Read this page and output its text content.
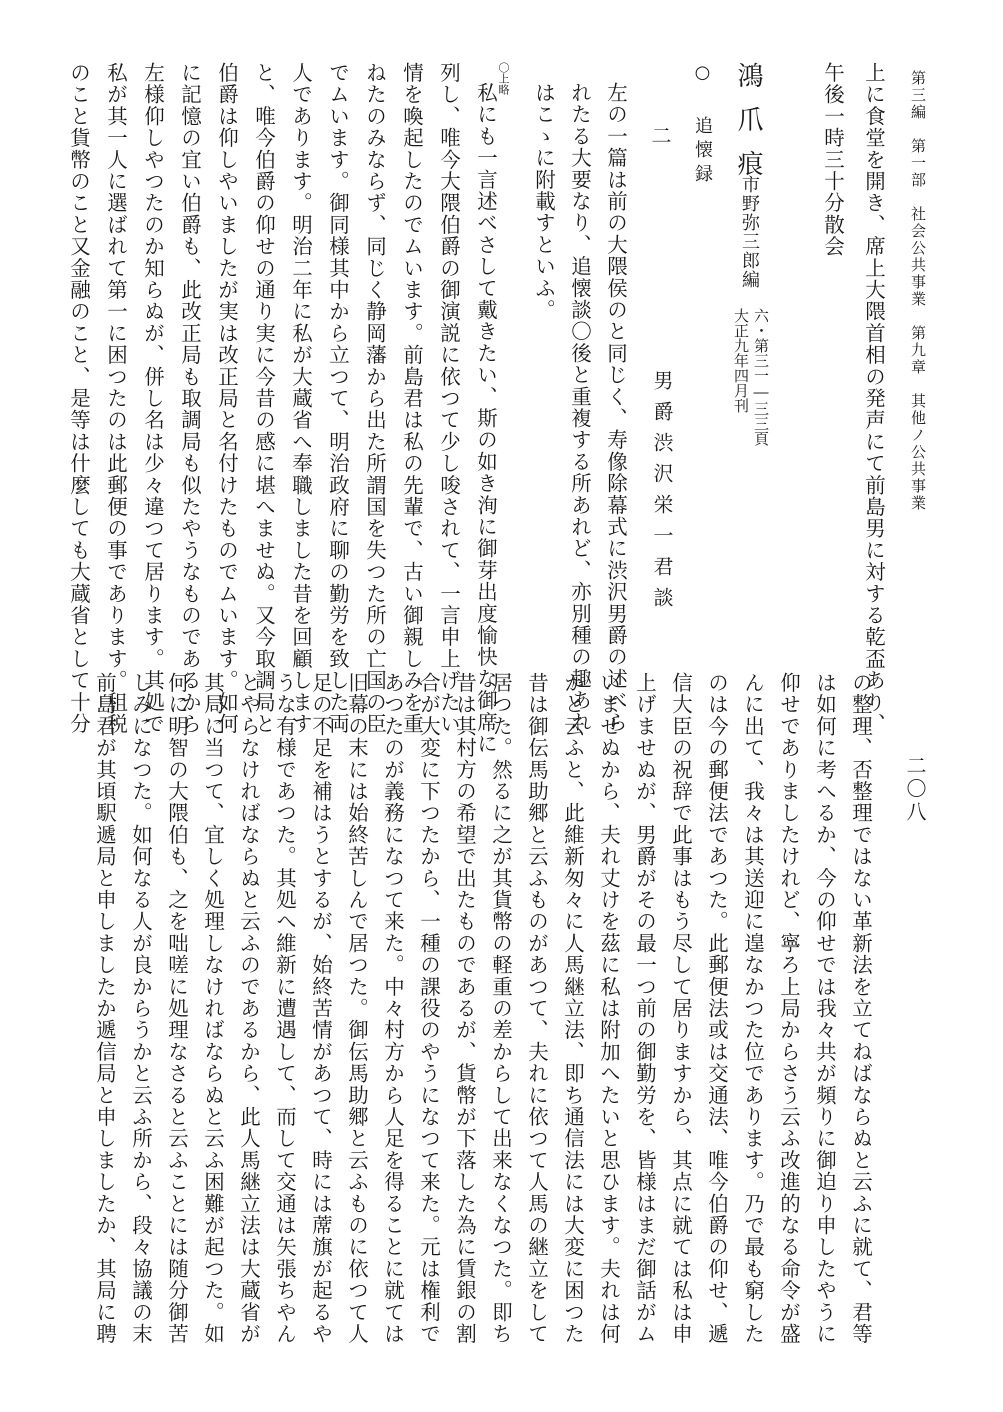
第三編　第一部　社会公共事業　第九章　其他ノ公共事業
二〇八
上に食堂を開き、席上大隈首相の発声にて前島男に対する乾盃あり、
午後一時三十分散会
鴻爪痕
市野弥三郎編
六・第三一―三三頁
大正九年四月刊
○ 追懐録
二
男爵渋沢栄一君談
左の一篇は前の大隈侯のと同じく、寿像除幕式に渋沢男爵の述べら
れたる大要なり、追懐談〇後と重複する所あれど、亦別種の趣あれ
はこゝに附載すといふ。
〇上略
私にも一言述べさして戴きたい、斯の如き洵に御芽出度愉快な御席に
列し、唯今大隈伯爵の御演説に依つて少し唆されて、一言申上げたい
情を喚起したのでムいます。前島君は私の先輩で、古い御親しみを重
ねたのみならず、同じく静岡藩から出た所謂国を失つた所の亡国の臣
でムいます。御同様其中から立つて、明治政府に聊の勤労を致した両
人であります。明治二年に私が大蔵省へ奉職しました昔を回顧します
と、唯今伯爵の仰せの通り実に今昔の感に堪へませぬ。又今取調局と
伯爵は仰しやいましたが実は改正局と名付けたものでムいます。如何
に記憶の宜い伯爵も、此改正局も取調局も似たやうなものであるから
左様仰しやつたのか知らぬが、併し名は少々違つて居ります。其処で
私が其一人に選ばれて第一に困つたのは此郵便の事であります。租税
のこと貨幣のこと又金融のこと、是等は什麼しても大蔵省として十分
の整理、否整理ではない革新法を立てねばならぬと云ふに就て、君等
は如何に考へるか、今の仰せでは我々共が頻りに御迫り申したやうに
仰せでありましたけれど、寧ろ上局からさう云ふ改進的なる命令が盛
んに出て、我々は其送迎に遑なかつた位であります。乃で最も窮した
のは今の郵便法であつた。此郵便法或は交通法、唯今伯爵の仰せ、遞
信大臣の祝辞で此事はもう尽して居りますから、其点に就ては私は申
上げませぬが、男爵がその最一つ前の御勤労を、皆様はまだ御話がム
いませぬから、夫れ丈けを茲に私は附加へたいと思ひます。夫れは何
かと云ふと、此維新匆々に人馬継立法、即ち通信法には大変に困つた
昔は御伝馬助郷と云ふものがあつて、夫れに依つて人馬の継立をして
居つた。然るに之が其貨幣の軽重の差からして出来なくなつた。即ち
昔は其村方の希望で出たものであるが、貨幣が下落した為に賃銀の割
合が大変に下つたから、一種の課役のやうになつて来た。元は権利で
あつたのが義務になつて来た。中々村方から人足を得ることに就ては
旧幕の末には始終苦しんで居つた。御伝馬助郷と云ふものに依つて人
足の不足を補はうとするが、始終苦情があつて、時には蓆旗が起るや
うな有様であつた。其処へ維新に遭遇して、而して交通は矢張ちやん
とやらなければならぬと云ふのであるから、此人馬継立法は大蔵省が
其局に当つて、宜しく処理しなければならぬと云ふ困難が起つた。如
何に明智の大隈伯も、之を咄嗟に処理なさると云ふことには随分御苦
しみになつた。如何なる人が良からうかと云ふ所から、段々協議の末
前島君が其頃駅遞局と申しましたか遞信局と申しましたか、其局に聘
